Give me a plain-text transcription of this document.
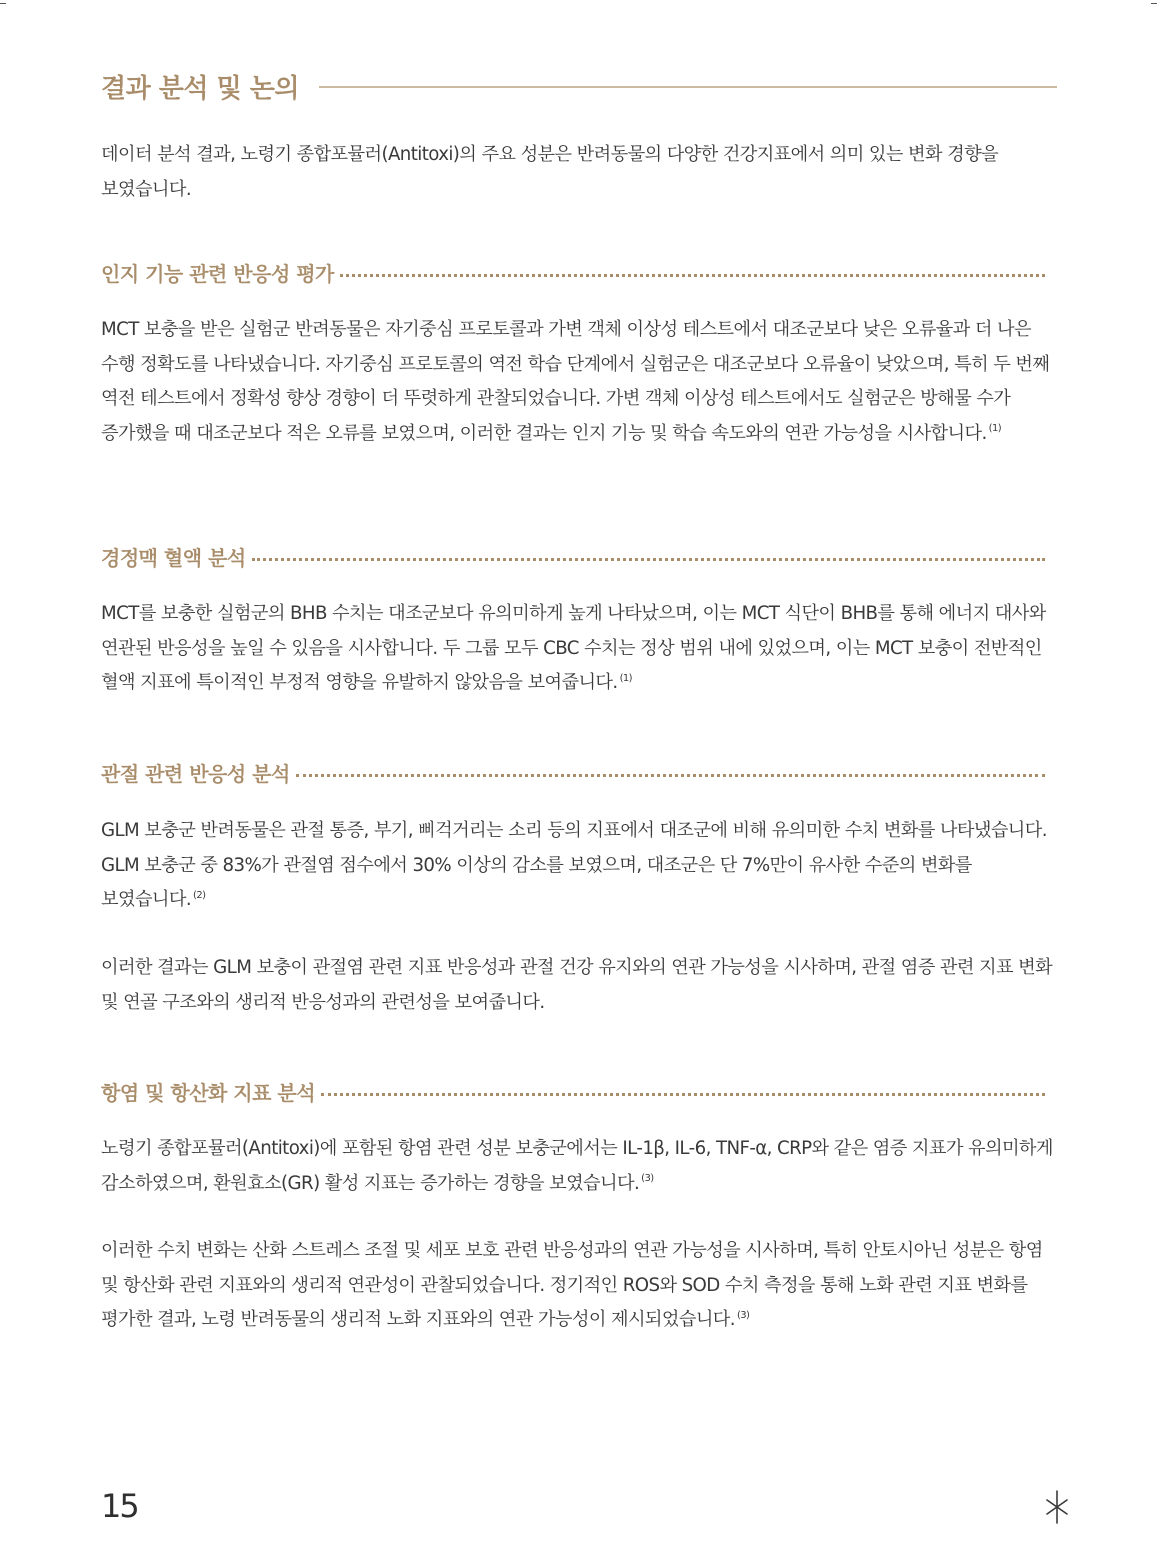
결과 분석 및 논의

데이터 분석 결과, 노령기 종합포뮬러(Antitoxi)의 주요 성분은 반려동물의 다양한 건강지표에서 의미 있는 변화 경향을 보였습니다.

인지 기능 관련 반응성 평가

MCT 보충을 받은 실험군 반려동물은 자기중심 프로토콜과 가변 객체 이상성 테스트에서 대조군보다 낮은 오류율과 더 나은 수행 정확도를 나타냈습니다. 자기중심 프로토콜의 역전 학습 단계에서 실험군은 대조군보다 오류율이 낮았으며, 특히 두 번째 역전 테스트에서 정확성 향상 경향이 더 뚜렷하게 관찰되었습니다. 가변 객체 이상성 테스트에서도 실험군은 방해물 수가 증가했을 때 대조군보다 적은 오류를 보였으며, 이러한 결과는 인지 기능 및 학습 속도와의 연관 가능성을 시사합니다. $^{(1)}$

경정맥 혈액 분석

MCT를 보충한 실험군의 BHB 수치는 대조군보다 유의미하게 높게 나타났으며, 이는 MCT 식단이 BHB를 통해 에너지 대사와 연관된 반응성을 높일 수 있음을 시사합니다. 두 그룹 모두 CBC 수치는 정상 범위 내에 있었으며, 이는 MCT 보충이 전반적인 혈액 지표에 특이적인 부정적 영향을 유발하지 않았음을 보여줍니다. $^{(1)}$

관절 관련 반응성 분석

GLM 보충군 반려동물은 관절 통증, 부기, 삐걱거리는 소리 등의 지표에서 대조군에 비해 유의미한 수치 변화를 나타냈습니다. GLM 보충군 중 83%가 관절염 점수에서 30% 이상의 감소를 보였으며, 대조군은 단 7%만이 유사한 수준의 변화를 보였습니다. $^{(2)}$

이러한 결과는 GLM 보충이 관절염 관련 지표 반응성과 관절 건강 유지와의 연관 가능성을 시사하며, 관절 염증 관련 지표 변화 및 연골 구조와의 생리적 반응성과의 관련성을 보여줍니다.

항염 및 항산화 지표 분석

노령기 종합포뮬러(Antitoxi)에 포함된 항염 관련 성분 보충군에서는 IL-1β, IL-6, TNF-α, CRP와 같은 염증 지표가 유의미하게 감소하였으며, 환원효소(GR) 활성 지표는 증가하는 경향을 보였습니다. $^{(3)}$

이러한 수치 변화는 산화 스트레스 조절 및 세포 보호 관련 반응성과의 연관 가능성을 시사하며, 특히 안토시아닌 성분은 항염 및 항산화 관련 지표와의 생리적 연관성이 관찰되었습니다. 정기적인 ROS와 SOD 수치 측정을 통해 노화 관련 지표 변화를 평가한 결과, 노령 반려동물의 생리적 노화 지표와의 연관 가능성이 제시되었습니다. $^{(3)}$

15
